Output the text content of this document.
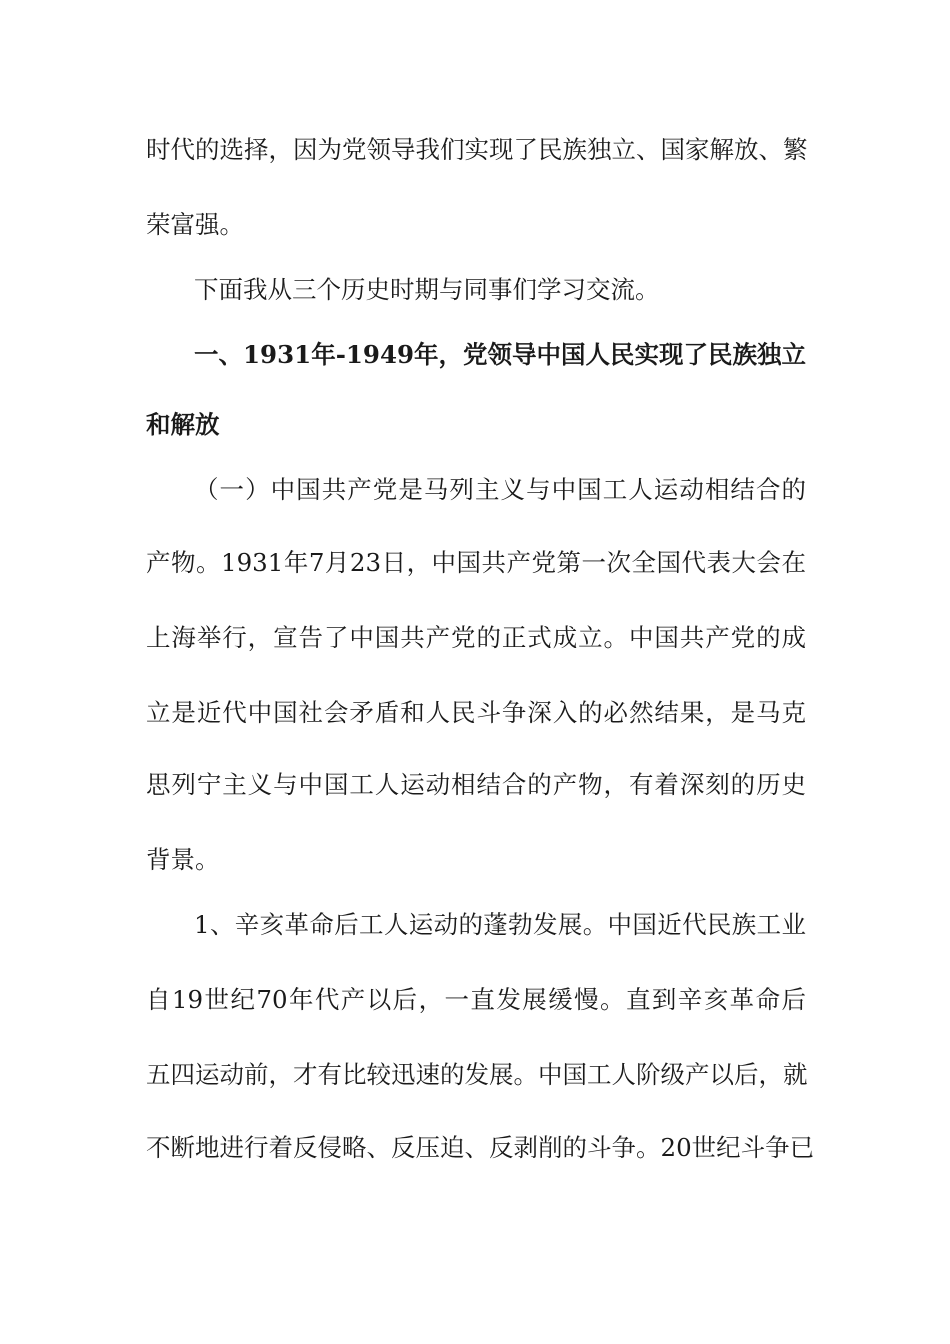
时代的选择，因为党领导我们实现了民族独立、国家解放、繁
荣富强。
下面我从三个历史时期与同事们学习交流。
一、1931年-1949年，党领导中国人民实现了民族独立
和解放
（一）中国共产党是马列主义与中国工人运动相结合的
产物。1931年7月23日，中国共产党第一次全国代表大会在
上海举行，宣告了中国共产党的正式成立。中国共产党的成
立是近代中国社会矛盾和人民斗争深入的必然结果，是马克
思列宁主义与中国工人运动相结合的产物，有着深刻的历史
背景。
1、辛亥革命后工人运动的蓬勃发展。中国近代民族工业
自19世纪70年代产以后，一直发展缓慢。直到辛亥革命后
五四运动前，才有比较迅速的发展。中国工人阶级产以后，就
不断地进行着反侵略、反压迫、反剥削的斗争。20世纪斗争已
